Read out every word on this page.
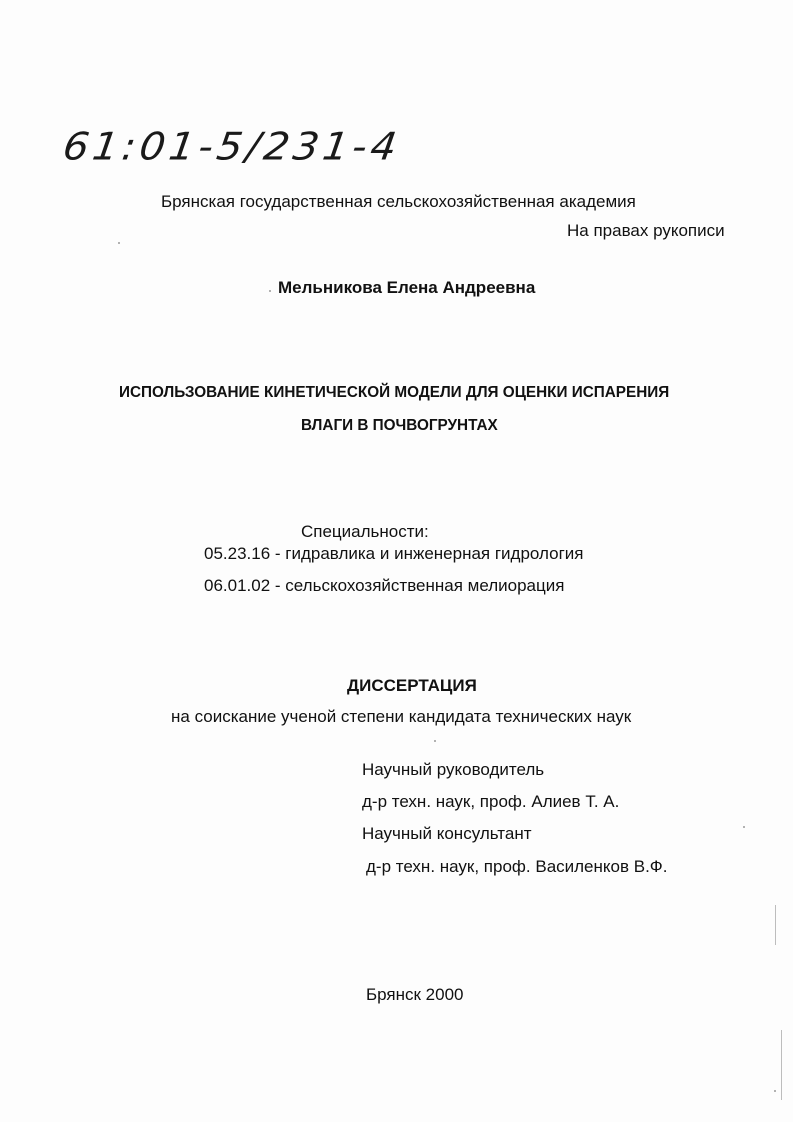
61:01-5/231-4
Брянская государственная сельскохозяйственная академия
На правах рукописи
Мельникова Елена Андреевна
ИСПОЛЬЗОВАНИЕ КИНЕТИЧЕСКОЙ МОДЕЛИ ДЛЯ ОЦЕНКИ ИСПАРЕНИЯ
ВЛАГИ В ПОЧВОГРУНТАХ
Специальности:
05.23.16 - гидравлика и инженерная гидрология
06.01.02 - сельскохозяйственная мелиорация
ДИССЕРТАЦИЯ
на соискание ученой степени кандидата технических наук
Научный руководитель
д-р техн. наук, проф. Алиев Т. А.
Научный консультант
д-р техн. наук, проф. Василенков В.Ф.
Брянск 2000
